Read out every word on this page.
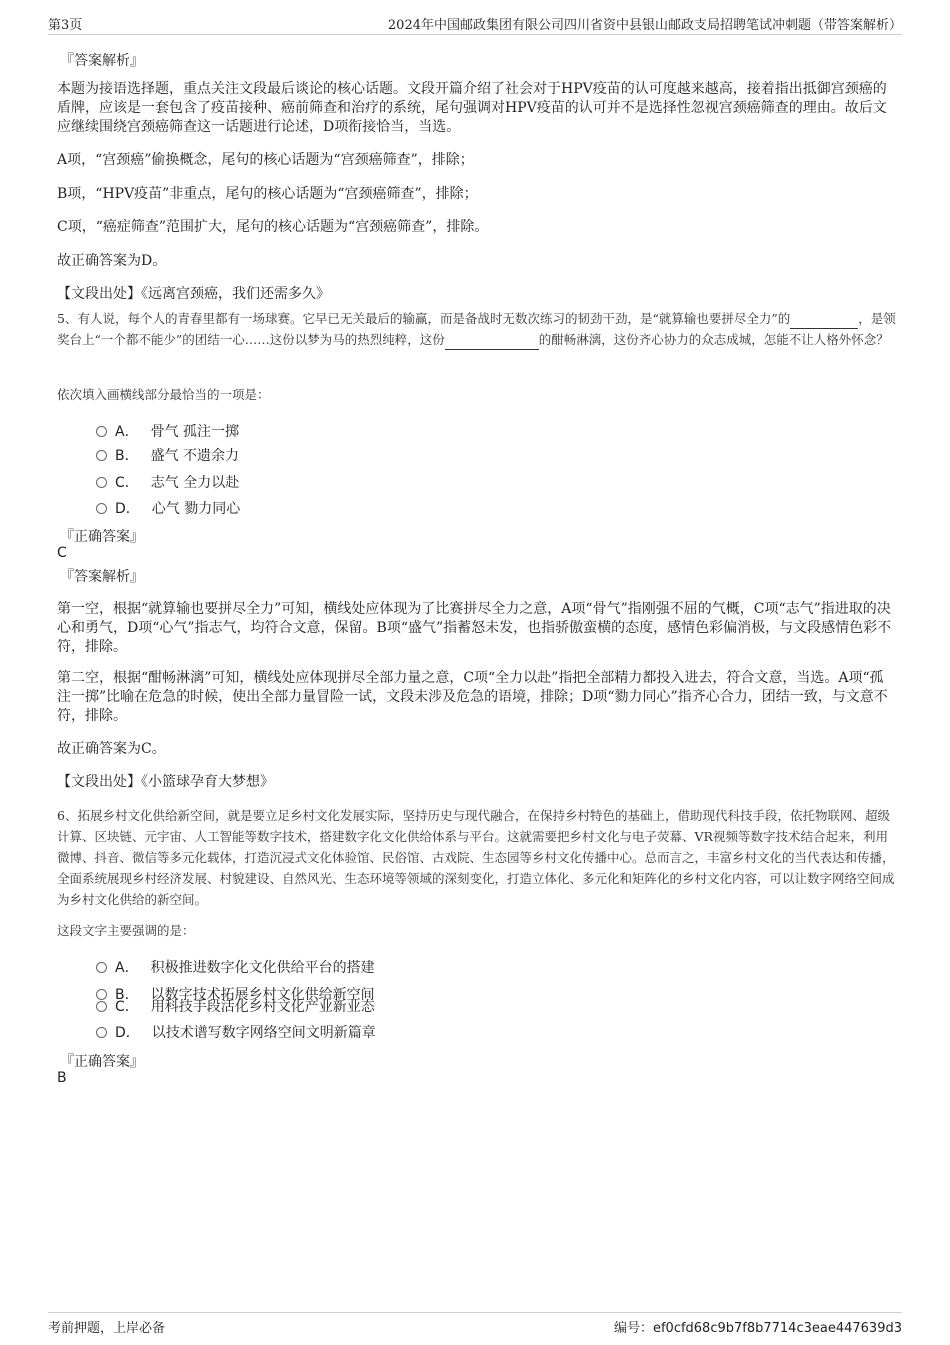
第3页	2024年中国邮政集团有限公司四川省资中县银山邮政支局招聘笔试冲刺题（带答案解析）
『答案解析』
本题为接语选择题，重点关注文段最后谈论的核心话题。文段开篇介绍了社会对于HPV疫苗的认可度越来越高，接着指出抵御宫颈癌的盾牌，应该是一套包含了疫苗接种、癌前筛查和治疗的系统，尾句强调对HPV疫苗的认可并不是选择性忽视宫颈癌筛查的理由。故后文应继续围绕宫颈癌筛查这一话题进行论述，D项衔接恰当，当选。
A项，“宫颈癌”偷换概念，尾句的核心话题为“宫颈癌筛查”，排除；
B项，“HPV疫苗”非重点，尾句的核心话题为“宫颈癌筛查”，排除；
C项，“癌症筛查”范围扩大，尾句的核心话题为“宫颈癌筛查”，排除。
故正确答案为D。
【文段出处】《远离宫颈癌，我们还需多久》
5、有人说，每个人的青春里都有一场球赛。它早已无关最后的输赢，而是备战时无数次练习的韧劲干劲，是“就算输也要拼尽全力”的	，是领奖台上“一个都不能少”的团结一心……这份以梦为马的热烈纯粹，这份	的酣畅淋漓，这份齐心协力的众志成城，怎能不让人格外怀念？
依次填入画横线部分最恰当的一项是：
A． 骨气 孤注一掷
B． 盛气 不遗余力
C． 志气 全力以赴
D． 心气 勠力同心
『正确答案』
C
『答案解析』
第一空，根据“就算输也要拼尽全力”可知，横线处应体现为了比赛拼尽全力之意，A项“骨气”指刚强不屈的气概，C项“志气”指进取的决心和勇气，D项“心气”指志气，均符合文意，保留。B项“盛气”指蓄怒未发，也指骄傲蛮横的态度，感情色彩偏消极，与文段感情色彩不符，排除。
第二空，根据“酣畅淋漓”可知，横线处应体现拼尽全部力量之意，C项“全力以赴”指把全部精力都投入进去，符合文意，当选。A项“孤注一掷”比喻在危急的时候，使出全部力量冒险一试，文段未涉及危急的语境，排除；D项“勠力同心”指齐心合力，团结一致，与文意不符，排除。
故正确答案为C。
【文段出处】《小篮球孕育大梦想》
6、拓展乡村文化供给新空间，就是要立足乡村文化发展实际，坚持历史与现代融合，在保持乡村特色的基础上，借助现代科技手段，依托物联网、超级计算、区块链、元宇宙、人工智能等数字技术，搭建数字化文化供给体系与平台。这就需要把乡村文化与电子荧幕、VR视频等数字技术结合起来，利用微博、抖音、微信等多元化载体，打造沉浸式文化体验馆、民俗馆、古戏院、生态园等乡村文化传播中心。总而言之，丰富乡村文化的当代表达和传播，全面系统展现乡村经济发展、村貌建设、自然风光、生态环境等领域的深刻变化，打造立体化、多元化和矩阵化的乡村文化内容，可以让数字网络空间成为乡村文化供给的新空间。
这段文字主要强调的是：
A． 积极推进数字化文化供给平台的搭建
B． 以数字技术拓展乡村文化供给新空间
C． 用科技手段活化乡村文化产业新业态
D． 以技术谱写数字网络空间文明新篇章
『正确答案』
B
考前押题，上岸必备	编号：ef0cfd68c9b7f8b7714c3eae447639d3
